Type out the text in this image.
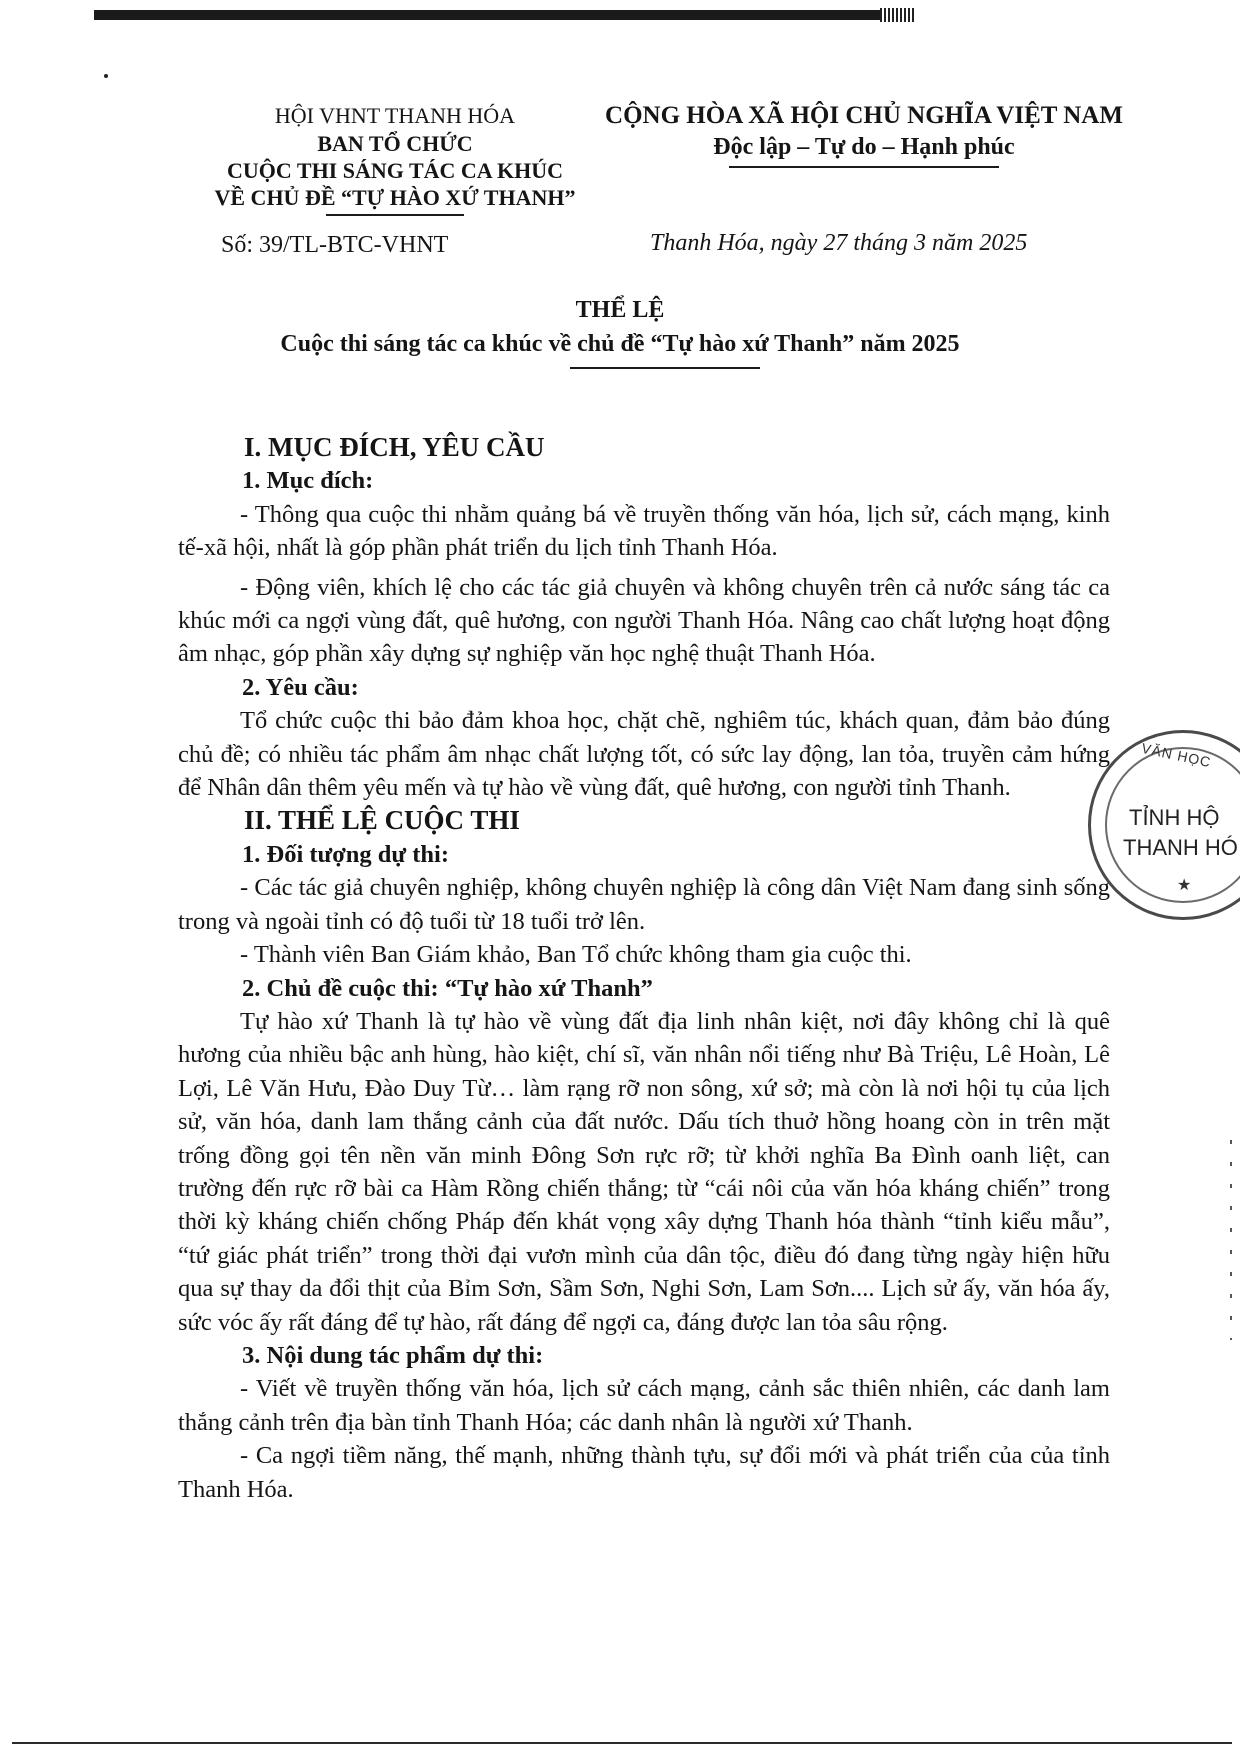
HỘI VHNT THANH HÓA
BAN TỔ CHỨC
CUỘC THI SÁNG TÁC CA KHÚC
VỀ CHỦ ĐỀ “TỰ HÀO XỨ THANH”
CỘNG HÒA XÃ HỘI CHỦ NGHĨA VIỆT NAM
Độc lập – Tự do – Hạnh phúc
Số: 39/TL-BTC-VHNT	Thanh Hóa, ngày 27 tháng 3 năm 2025
THỂ LỆ
Cuộc thi sáng tác ca khúc về chủ đề “Tự hào xứ Thanh” năm 2025

I. MỤC ĐÍCH, YÊU CẦU

1. Mục đích:

- Thông qua cuộc thi nhằm quảng bá về truyền thống văn hóa, lịch sử, cách mạng, kinh tế-xã hội, nhất là góp phần phát triển du lịch tỉnh Thanh Hóa.

- Động viên, khích lệ cho các tác giả chuyên và không chuyên trên cả nước sáng tác ca khúc mới ca ngợi vùng đất, quê hương, con người Thanh Hóa. Nâng cao chất lượng hoạt động âm nhạc, góp phần xây dựng sự nghiệp văn học nghệ thuật Thanh Hóa.

2. Yêu cầu:

Tổ chức cuộc thi bảo đảm khoa học, chặt chẽ, nghiêm túc, khách quan, đảm bảo đúng chủ đề; có nhiều tác phẩm âm nhạc chất lượng tốt, có sức lay động, lan tỏa, truyền cảm hứng để Nhân dân thêm yêu mến và tự hào về vùng đất, quê hương, con người tỉnh Thanh.

II. THỂ LỆ CUỘC THI

1. Đối tượng dự thi:

- Các tác giả chuyên nghiệp, không chuyên nghiệp là công dân Việt Nam đang sinh sống trong và ngoài tỉnh có độ tuổi từ 18 tuổi trở lên.

- Thành viên Ban Giám khảo, Ban Tổ chức không tham gia cuộc thi.

2. Chủ đề cuộc thi: “Tự hào xứ Thanh”

Tự hào xứ Thanh là tự hào về vùng đất địa linh nhân kiệt, nơi đây không chỉ là quê hương của nhiều bậc anh hùng, hào kiệt, chí sĩ, văn nhân nổi tiếng như Bà Triệu, Lê Hoàn, Lê Lợi, Lê Văn Hưu, Đào Duy Từ… làm rạng rỡ non sông, xứ sở; mà còn là nơi hội tụ của lịch sử, văn hóa, danh lam thắng cảnh của đất nước. Dấu tích thuở hồng hoang còn in trên mặt trống đồng gọi tên nền văn minh Đông Sơn rực rỡ; từ khởi nghĩa Ba Đình oanh liệt, can trường đến rực rỡ bài ca Hàm Rồng chiến thắng; từ “cái nôi của văn hóa kháng chiến” trong thời kỳ kháng chiến chống Pháp đến khát vọng xây dựng Thanh hóa thành “tỉnh kiểu mẫu”, “tứ giác phát triển” trong thời đại vươn mình của dân tộc, điều đó đang từng ngày hiện hữu qua sự thay da đổi thịt của Bỉm Sơn, Sầm Sơn, Nghi Sơn, Lam Sơn.... Lịch sử ấy, văn hóa ấy, sức vóc ấy rất đáng để tự hào, rất đáng để ngợi ca, đáng được lan tỏa sâu rộng.

3. Nội dung tác phẩm dự thi:

- Viết về truyền thống văn hóa, lịch sử cách mạng, cảnh sắc thiên nhiên, các danh lam thắng cảnh trên địa bàn tỉnh Thanh Hóa; các danh nhân là người xứ Thanh.

- Ca ngợi tiềm năng, thế mạnh, những thành tựu, sự đổi mới và phát triển của của tỉnh Thanh Hóa.

VĂN HỌC
TỈNH HỘ
THANH HÓ
★
